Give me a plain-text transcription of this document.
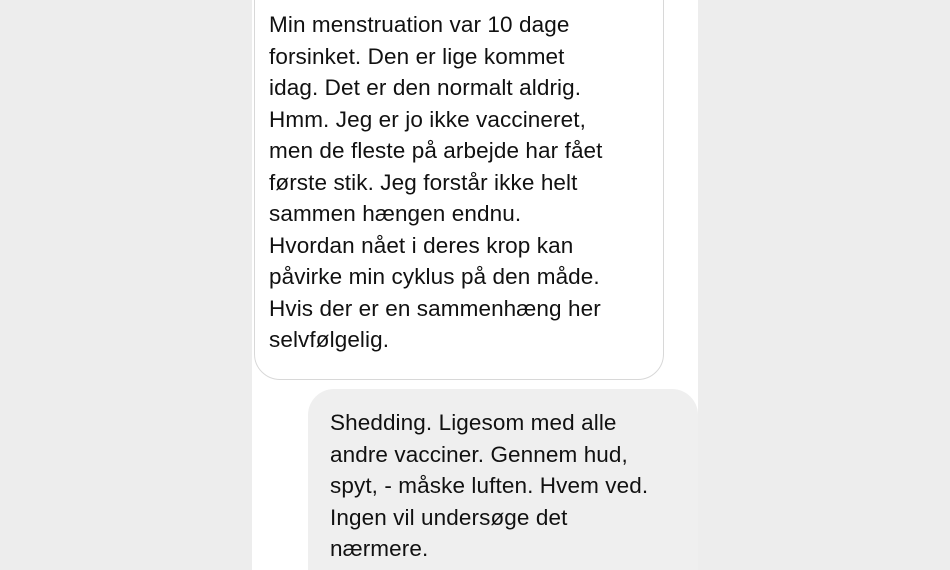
Min menstruation var 10 dage
forsinket. Den er lige kommet
idag. Det er den normalt aldrig.
Hmm. Jeg er jo ikke vaccineret,
men de fleste på arbejde har fået
første stik. Jeg forstår ikke helt
sammen hængen endnu.
Hvordan nået i deres krop kan
påvirke min cyklus på den måde.
Hvis der er en sammenhæng her
selvfølgelig.
Shedding. Ligesom med alle
andre vacciner. Gennem hud,
spyt, - måske luften. Hvem ved.
Ingen vil undersøge det
nærmere.
